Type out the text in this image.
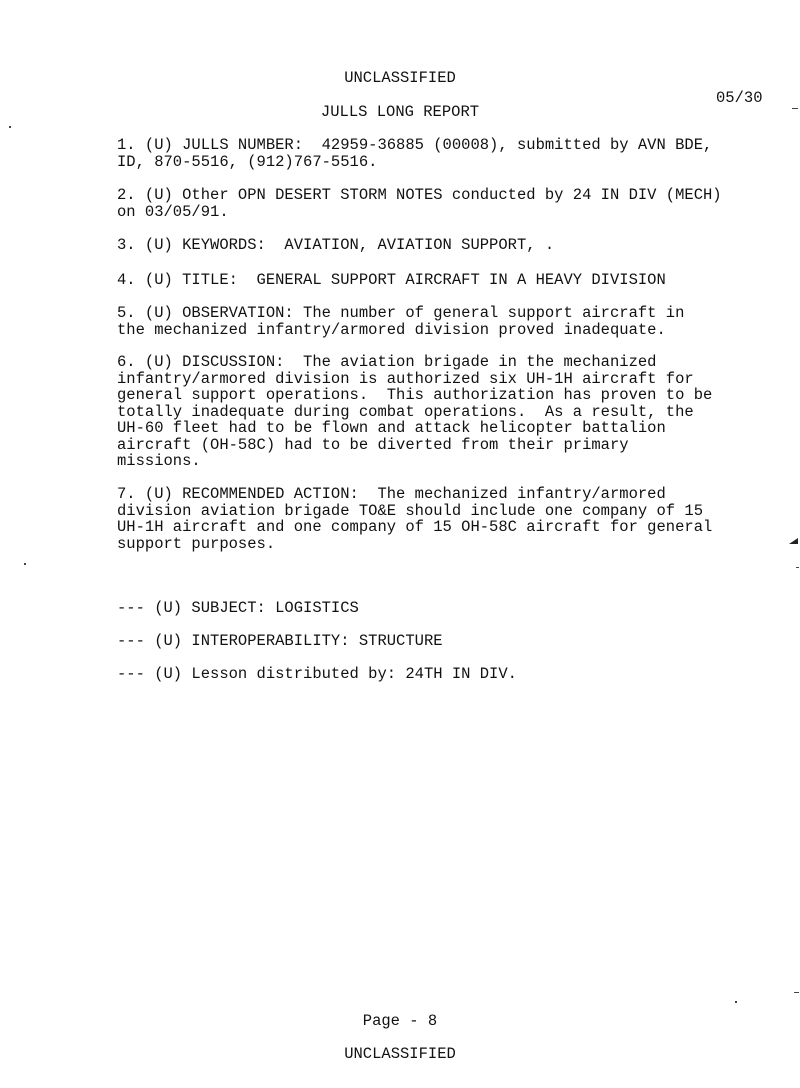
UNCLASSIFIED
05/30
JULLS LONG REPORT
1. (U) JULLS NUMBER:  42959-36885 (00008), submitted by AVN BDE,
ID, 870-5516, (912)767-5516.
2. (U) Other OPN DESERT STORM NOTES conducted by 24 IN DIV (MECH)
on 03/05/91.
3. (U) KEYWORDS:  AVIATION, AVIATION SUPPORT, .
4. (U) TITLE:  GENERAL SUPPORT AIRCRAFT IN A HEAVY DIVISION
5. (U) OBSERVATION: The number of general support aircraft in
the mechanized infantry/armored division proved inadequate.
6. (U) DISCUSSION:  The aviation brigade in the mechanized
infantry/armored division is authorized six UH-1H aircraft for
general support operations.  This authorization has proven to be
totally inadequate during combat operations.  As a result, the
UH-60 fleet had to be flown and attack helicopter battalion
aircraft (OH-58C) had to be diverted from their primary
missions.
7. (U) RECOMMENDED ACTION:  The mechanized infantry/armored
division aviation brigade TO&E should include one company of 15
UH-1H aircraft and one company of 15 OH-58C aircraft for general
support purposes.
--- (U) SUBJECT: LOGISTICS
--- (U) INTEROPERABILITY: STRUCTURE
--- (U) Lesson distributed by: 24TH IN DIV.
Page - 8
UNCLASSIFIED
